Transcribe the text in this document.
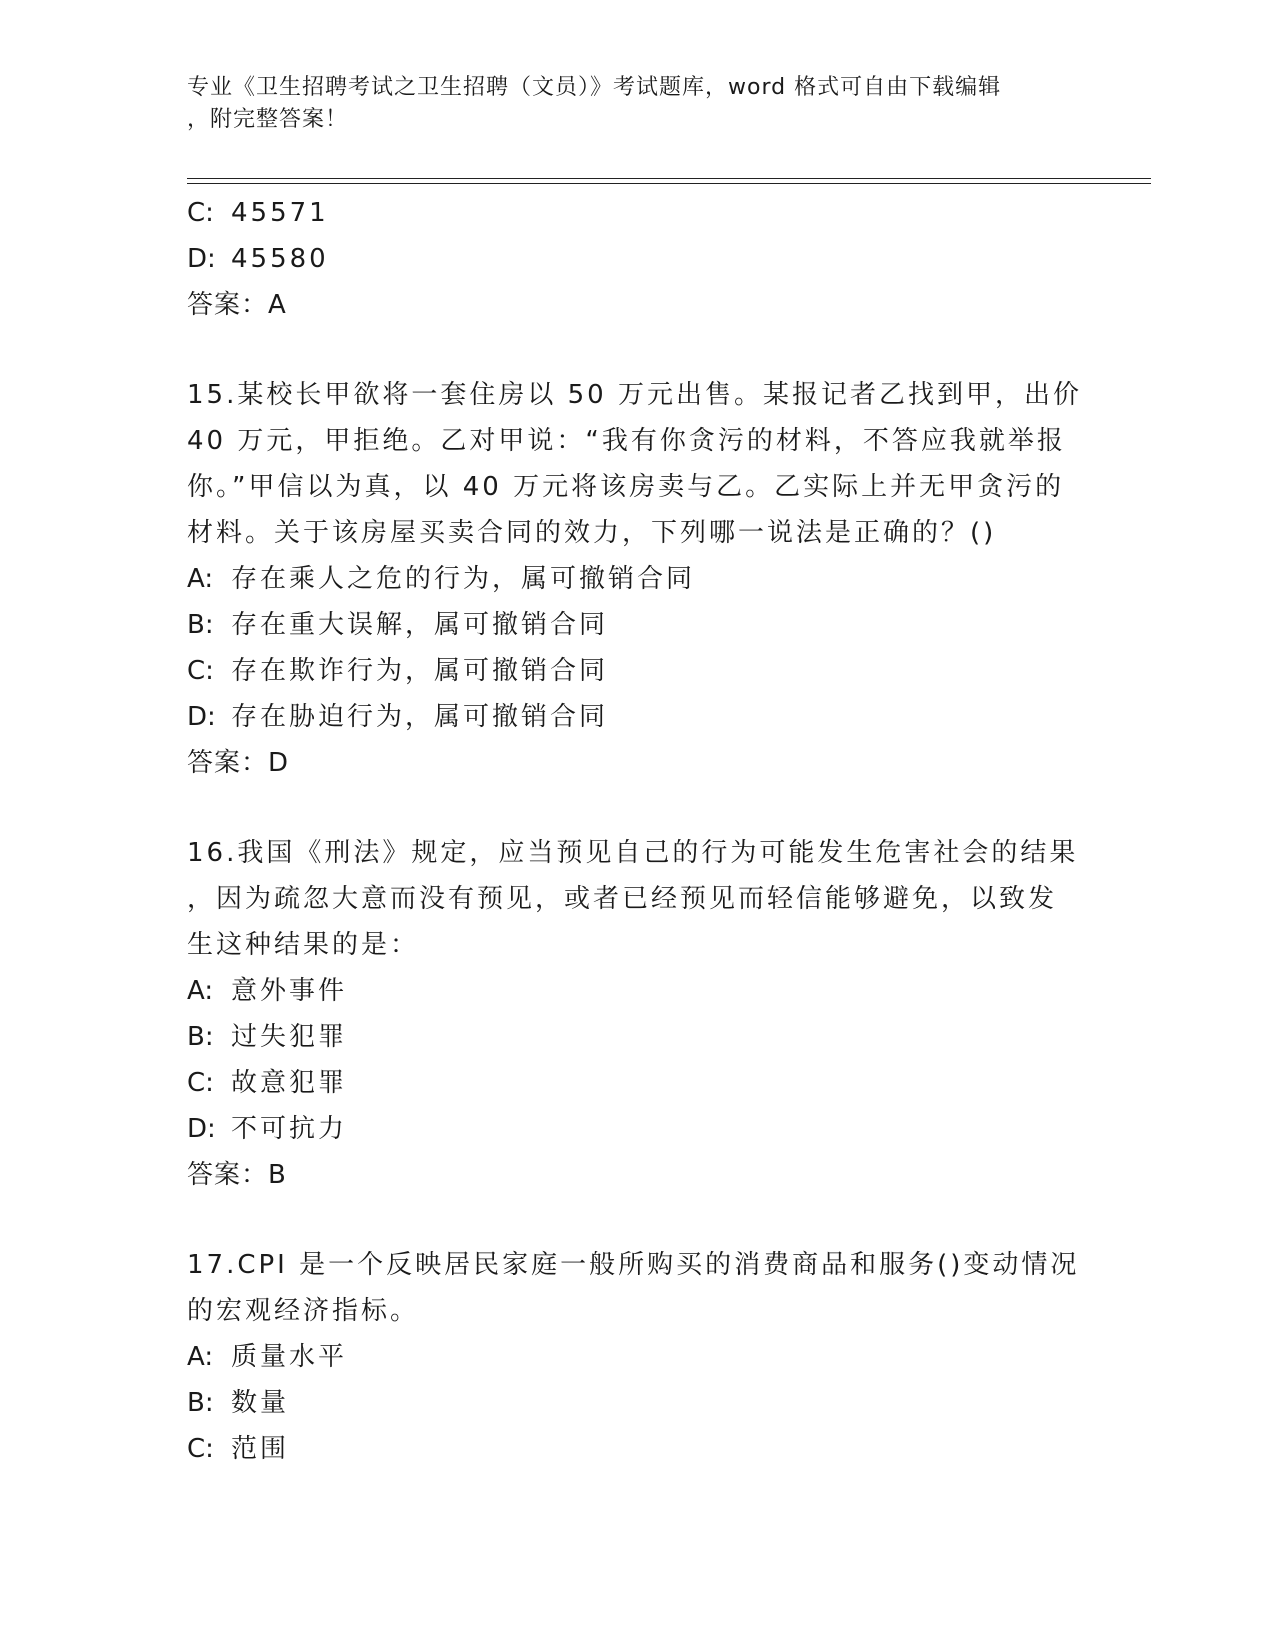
专业《卫生招聘考试之卫生招聘（文员）》考试题库，word 格式可自由下载编辑
，附完整答案！
C: 45571
D: 45580
答案：A
15.某校长甲欲将一套住房以 50 万元出售。某报记者乙找到甲，出价
40 万元，甲拒绝。乙对甲说：“我有你贪污的材料，不答应我就举报
你。”甲信以为真，以 40 万元将该房卖与乙。乙实际上并无甲贪污的
材料。关于该房屋买卖合同的效力，下列哪一说法是正确的？()
A: 存在乘人之危的行为，属可撤销合同
B: 存在重大误解，属可撤销合同
C: 存在欺诈行为，属可撤销合同
D: 存在胁迫行为，属可撤销合同
答案：D
16.我国《刑法》规定，应当预见自己的行为可能发生危害社会的结果
，因为疏忽大意而没有预见，或者已经预见而轻信能够避免，以致发
生这种结果的是：
A: 意外事件
B: 过失犯罪
C: 故意犯罪
D: 不可抗力
答案：B
17.CPI 是一个反映居民家庭一般所购买的消费商品和服务()变动情况
的宏观经济指标。
A: 质量水平
B: 数量
C: 范围
